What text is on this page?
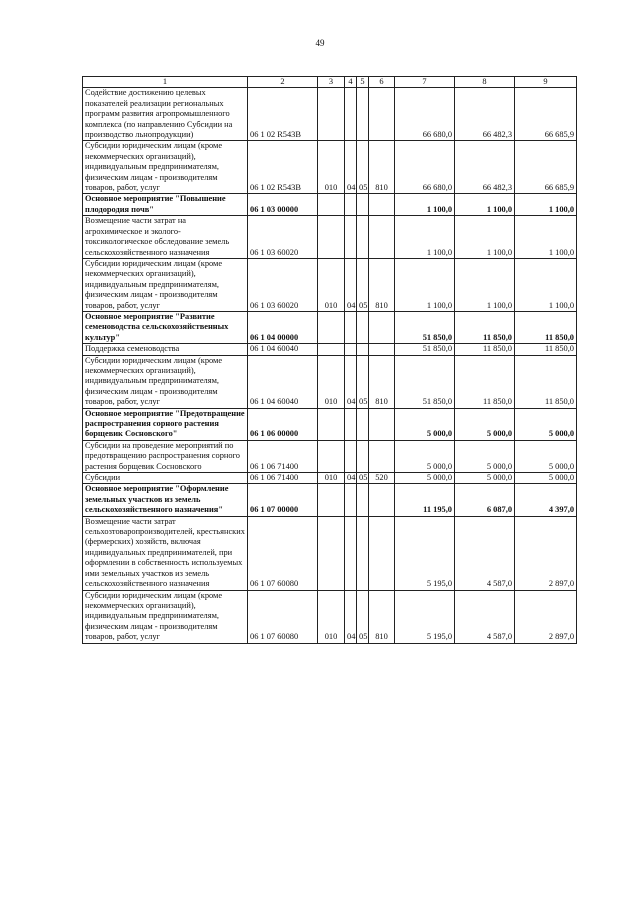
49
1	2	3	4	5	6	7	8	9
Содействие достижению целевых показателей реализации региональных программ развития агропромышленного комплекса (по направлению Субсидии на производство льнопродукции)	06 1 02 R543B					66 680,0	66 482,3	66 685,9
Субсидии юридическим лицам (кроме некоммерческих организаций), индивидуальным предпринимателям, физическим лицам - производителям товаров, работ, услуг	06 1 02 R543B	010	04	05	810	66 680,0	66 482,3	66 685,9
Основное мероприятие "Повышение плодородия почв"	06 1 03 00000					1 100,0	1 100,0	1 100,0
Возмещение части затрат на агрохимическое и эколого-токсикологическое обследование земель сельскохозяйственного назначения	06 1 03 60020					1 100,0	1 100,0	1 100,0
Субсидии юридическим лицам (кроме некоммерческих организаций), индивидуальным предпринимателям, физическим лицам - производителям товаров, работ, услуг	06 1 03 60020	010	04	05	810	1 100,0	1 100,0	1 100,0
Основное мероприятие "Развитие семеноводства сельскохозяйственных культур"	06 1 04 00000					51 850,0	11 850,0	11 850,0
Поддержка семеноводства	06 1 04 60040					51 850,0	11 850,0	11 850,0
Субсидии юридическим лицам (кроме некоммерческих организаций), индивидуальным предпринимателям, физическим лицам - производителям товаров, работ, услуг	06 1 04 60040	010	04	05	810	51 850,0	11 850,0	11 850,0
Основное мероприятие "Предотвращение распространения сорного растения борщевик Сосновского"	06 1 06 00000					5 000,0	5 000,0	5 000,0
Субсидии на проведение мероприятий по предотвращению распространения сорного растения борщевик Сосновского	06 1 06 71400					5 000,0	5 000,0	5 000,0
Субсидии	06 1 06 71400	010	04	05	520	5 000,0	5 000,0	5 000,0
Основное мероприятие "Оформление земельных участков из земель сельскохозяйственного назначения"	06 1 07 00000					11 195,0	6 087,0	4 397,0
Возмещение части затрат сельхозтоваропроизводителей, крестьянских (фермерских) хозяйств, включая индивидуальных предпринимателей, при оформлении в собственность используемых ими земельных участков из земель сельскохозяйственного назначения	06 1 07 60080					5 195,0	4 587,0	2 897,0
Субсидии юридическим лицам (кроме некоммерческих организаций), индивидуальным предпринимателям, физическим лицам - производителям товаров, работ, услуг	06 1 07 60080	010	04	05	810	5 195,0	4 587,0	2 897,0
